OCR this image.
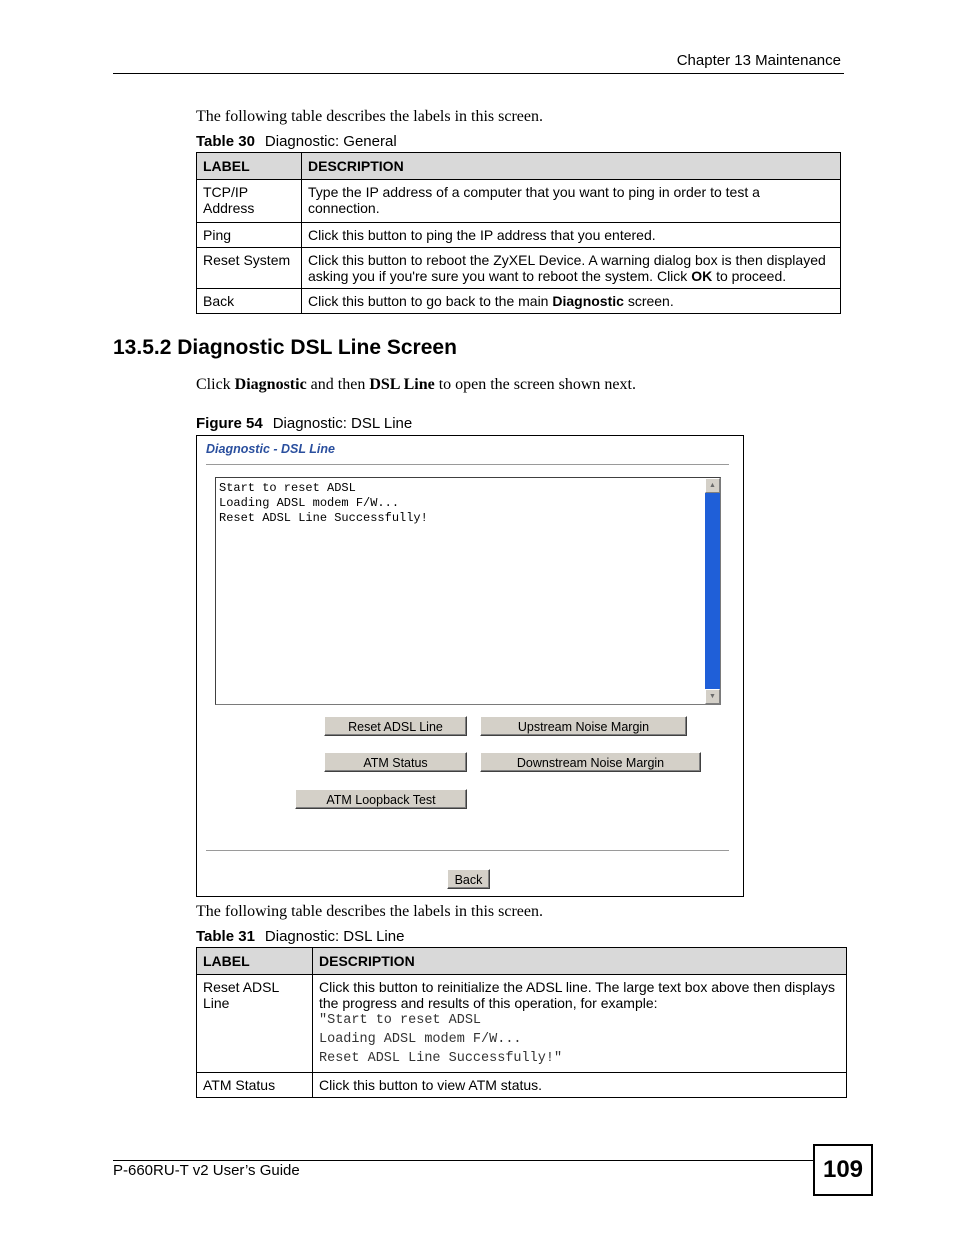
Chapter 13 Maintenance
The following table describes the labels in this screen.
Table 30 Diagnostic: General
LABEL	DESCRIPTION
TCP/IP Address	Type the IP address of a computer that you want to ping in order to test a connection.
Ping	Click this button to ping the IP address that you entered.
Reset System	Click this button to reboot the ZyXEL Device. A warning dialog box is then displayed asking you if you're sure you want to reboot the system. Click OK to proceed.
Back	Click this button to go back to the main Diagnostic screen.
13.5.2 Diagnostic DSL Line Screen
Click Diagnostic and then DSL Line to open the screen shown next.
Figure 54 Diagnostic: DSL Line
Diagnostic - DSL Line
Start to reset ADSL
Loading ADSL modem F/W...
Reset ADSL Line Successfully!
▲
▼
Reset ADSL Line	Upstream Noise Margin
ATM Status	Downstream Noise Margin
ATM Loopback Test
Back
The following table describes the labels in this screen.
Table 31 Diagnostic: DSL Line
LABEL	DESCRIPTION
Reset ADSL Line	Click this button to reinitialize the ADSL line. The large text box above then displays the progress and results of this operation, for example:
"Start to reset ADSL
Loading ADSL modem F/W...
Reset ADSL Line Successfully!"

ATM Status	Click this button to view ATM status.
P-660RU-T v2 User’s Guide	109
